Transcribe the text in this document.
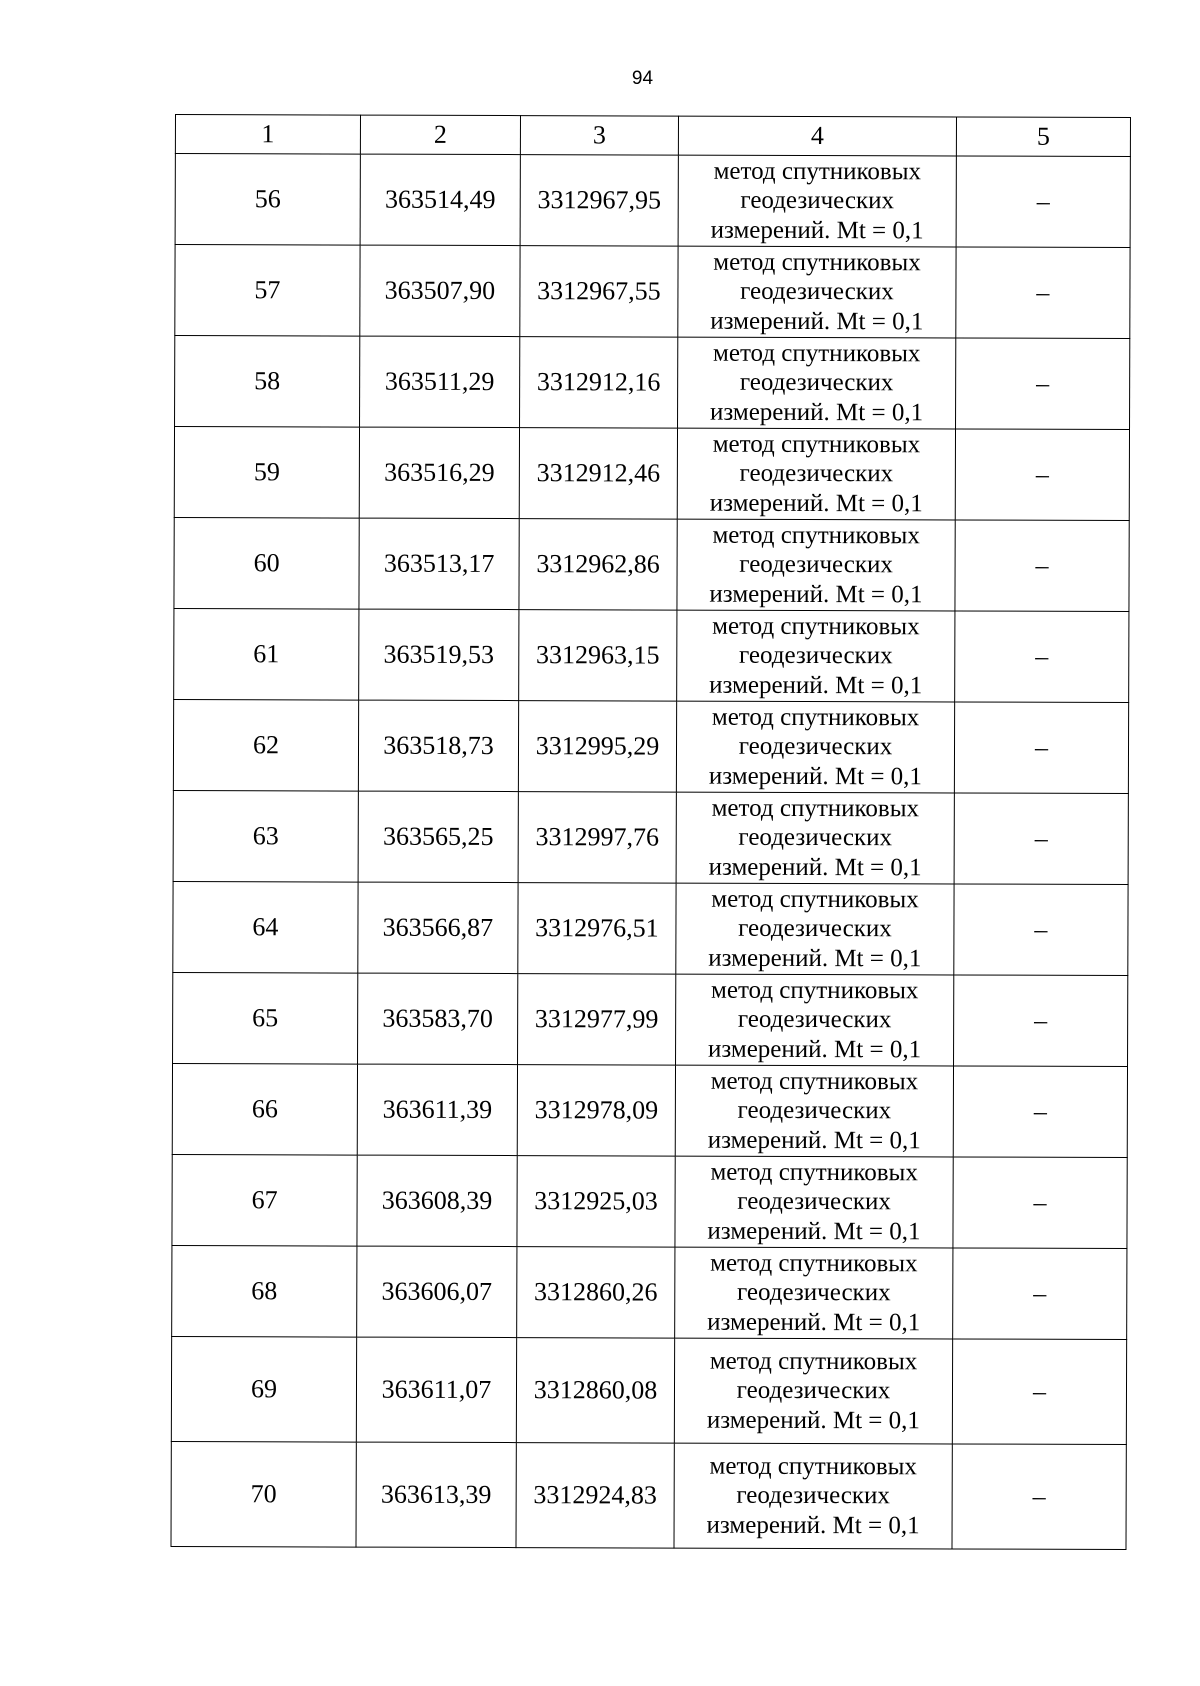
94
1	2	3	4	5
56	363514,49	3312967,95	метод спутниковых
геодезических
измерений. Mt = 0,1	–
57	363507,90	3312967,55	метод спутниковых
геодезических
измерений. Mt = 0,1	–
58	363511,29	3312912,16	метод спутниковых
геодезических
измерений. Mt = 0,1	–
59	363516,29	3312912,46	метод спутниковых
геодезических
измерений. Mt = 0,1	–
60	363513,17	3312962,86	метод спутниковых
геодезических
измерений. Mt = 0,1	–
61	363519,53	3312963,15	метод спутниковых
геодезических
измерений. Mt = 0,1	–
62	363518,73	3312995,29	метод спутниковых
геодезических
измерений. Mt = 0,1	–
63	363565,25	3312997,76	метод спутниковых
геодезических
измерений. Mt = 0,1	–
64	363566,87	3312976,51	метод спутниковых
геодезических
измерений. Mt = 0,1	–
65	363583,70	3312977,99	метод спутниковых
геодезических
измерений. Mt = 0,1	–
66	363611,39	3312978,09	метод спутниковых
геодезических
измерений. Mt = 0,1	–
67	363608,39	3312925,03	метод спутниковых
геодезических
измерений. Mt = 0,1	–
68	363606,07	3312860,26	метод спутниковых
геодезических
измерений. Mt = 0,1	–
69	363611,07	3312860,08	метод спутниковых
геодезических
измерений. Mt = 0,1	–
70	363613,39	3312924,83	метод спутниковых
геодезических
измерений. Mt = 0,1	–
